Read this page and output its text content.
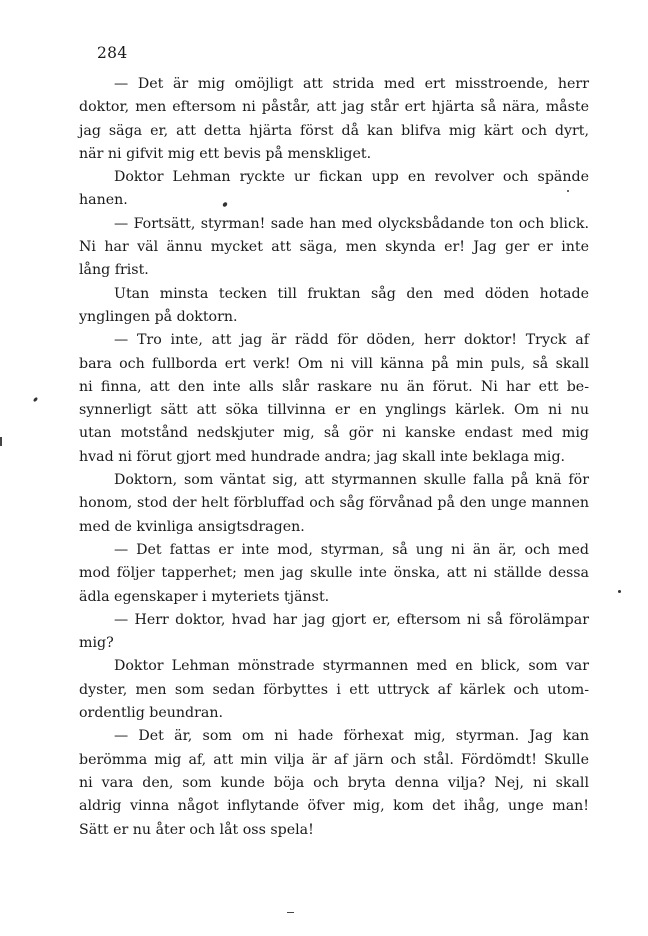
284
— Det är mig omöjligt att strida med ert misstroende, herr
doktor, men eftersom ni påstår, att jag står ert hjärta så nära, måste
jag säga er, att detta hjärta först då kan blifva mig kärt och dyrt,
när ni gifvit mig ett bevis på menskliget.
Doktor Lehman ryckte ur fickan upp en revolver och spände
hanen.
— Fortsätt, styrman! sade han med olycksbådande ton och blick.
Ni har väl ännu mycket att säga, men skynda er! Jag ger er inte
lång frist.
Utan minsta tecken till fruktan såg den med döden hotade
ynglingen på doktorn.
— Tro inte, att jag är rädd för döden, herr doktor! Tryck af
bara och fullborda ert verk! Om ni vill känna på min puls, så skall
ni finna, att den inte alls slår raskare nu än förut. Ni har ett be-
synnerligt sätt att söka tillvinna er en ynglings kärlek. Om ni nu
utan motstånd nedskjuter mig, så gör ni kanske endast med mig
hvad ni förut gjort med hundrade andra; jag skall inte beklaga mig.
Doktorn, som väntat sig, att styrmannen skulle falla på knä för
honom, stod der helt förbluffad och såg förvånad på den unge mannen
med de kvinliga ansigtsdragen.
— Det fattas er inte mod, styrman, så ung ni än är, och med
mod följer tapperhet; men jag skulle inte önska, att ni ställde dessa
ädla egenskaper i myteriets tjänst.
— Herr doktor, hvad har jag gjort er, eftersom ni så förolämpar
mig?
Doktor Lehman mönstrade styrmannen med en blick, som var
dyster, men som sedan förbyttes i ett uttryck af kärlek och utom-
ordentlig beundran.
— Det är, som om ni hade förhexat mig, styrman. Jag kan
berömma mig af, att min vilja är af järn och stål. Fördömdt! Skulle
ni vara den, som kunde böja och bryta denna vilja? Nej, ni skall
aldrig vinna något inflytande öfver mig, kom det ihåg, unge man!
Sätt er nu åter och låt oss spela!
